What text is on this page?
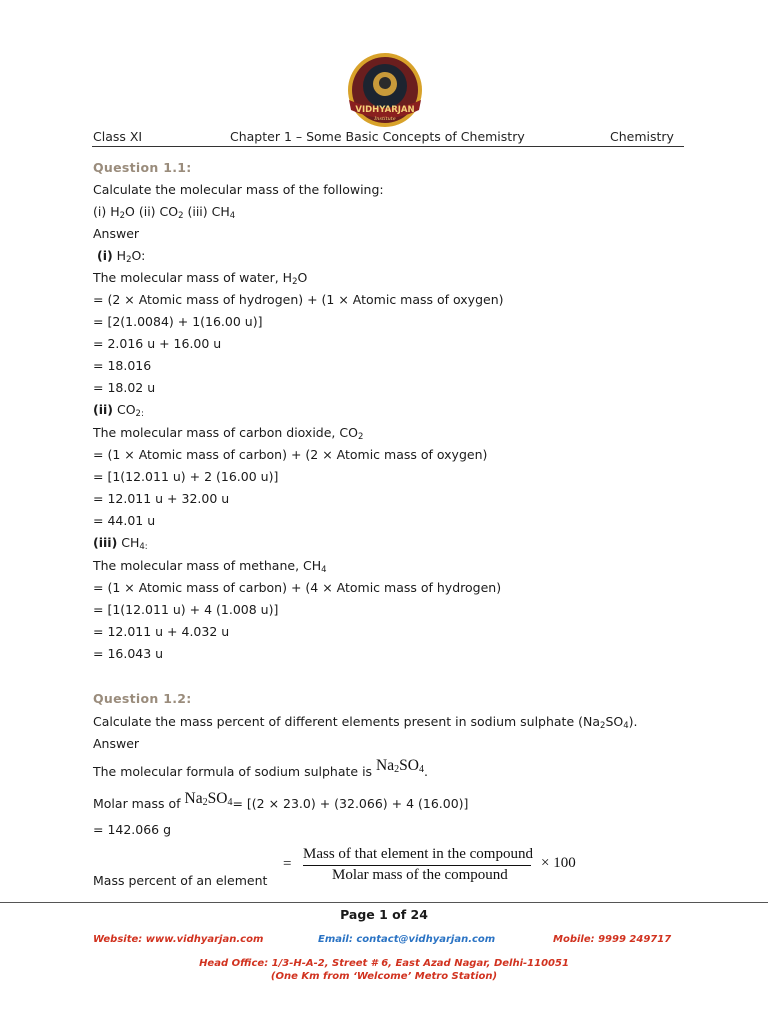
VIDHYARJAN
Institute
Class XI	Chapter 1 – Some Basic Concepts of Chemistry	Chemistry
Question 1.1:
Calculate the molecular mass of the following:
(i) $H_2O$ (ii) $CO_2$ (iii) $CH_4$
Answer
(i) $H_2O$:
The molecular mass of water, $H_2O$
= (2 × Atomic mass of hydrogen) + (1 × Atomic mass of oxygen)
= [2(1.0084) + 1(16.00 u)]
= 2.016 u + 16.00 u
= 18.016
= 18.02 u
(ii) $CO_{2:}$
The molecular mass of carbon dioxide, $CO_2$
= (1 × Atomic mass of carbon) + (2 × Atomic mass of oxygen)
= [1(12.011 u) + 2 (16.00 u)]
= 12.011 u + 32.00 u
= 44.01 u
(iii) $CH_{4:}$
The molecular mass of methane, $CH_4$
= (1 × Atomic mass of carbon) + (4 × Atomic mass of hydrogen)
= [1(12.011 u) + 4 (1.008 u)]
= 12.011 u + 4.032 u
= 16.043 u
Question 1.2:
Calculate the mass percent of different elements present in sodium sulphate $(Na_2SO_4)$.
Answer
The molecular formula of sodium sulphate is $Na_2SO_4$.
Molar mass of $Na_2SO_4= [(2 \times 23.0) + (32.066) + 4$ (16.00)]
= 142.066 g
=
Mass of that element in the compound
Molar mass of the compound
× 100
Mass percent of an element
Page 1 of 24
Website: www.vidhyarjan.com	Email: contact@vidhyarjan.com	Mobile: 9999 249717
Head Office: 1/3-H-A-2, Street # 6, East Azad Nagar, Delhi-110051
(One Km from ‘Welcome’ Metro Station)
